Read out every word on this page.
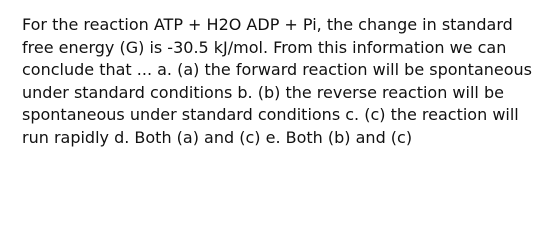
For the reaction ATP + H2O ADP + Pi, the change in standard
free energy (G) is -30.5 kJ/mol. From this information we can
conclude that ... a. (a) the forward reaction will be spontaneous
under standard conditions b. (b) the reverse reaction will be
spontaneous under standard conditions c. (c) the reaction will
run rapidly d. Both (a) and (c) e. Both (b) and (c)
